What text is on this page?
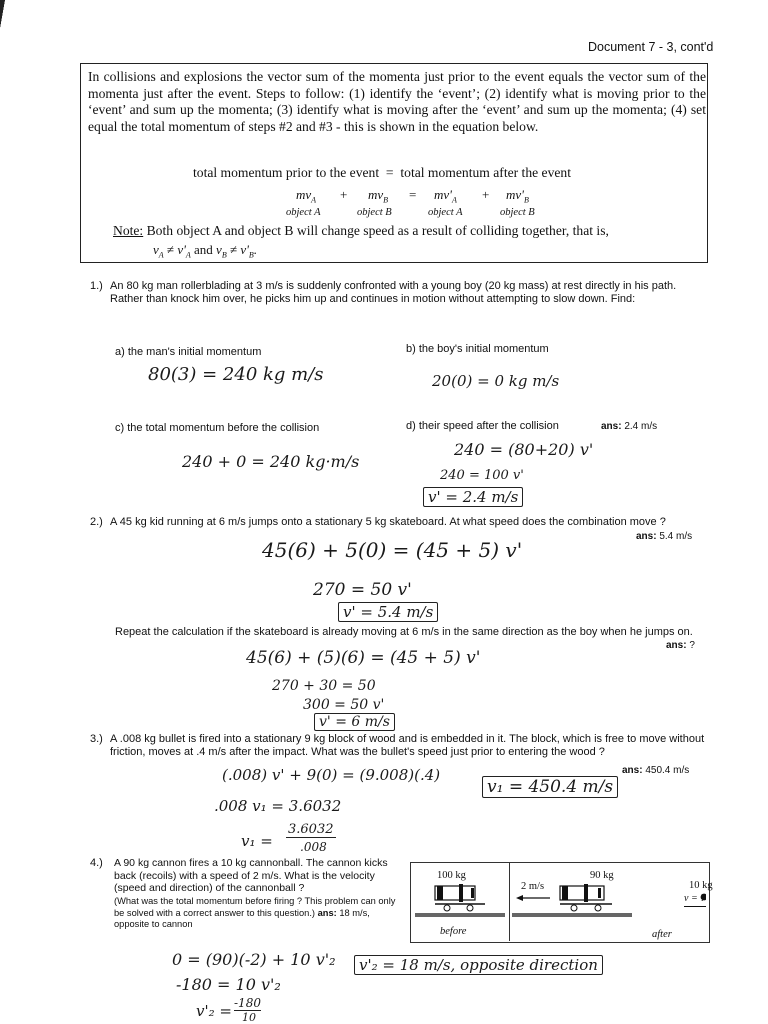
Document 7 - 3, cont'd
In collisions and explosions the vector sum of the momenta just prior to the event equals the vector sum of the momenta just after the event. Steps to follow: (1) identify the ‘event’; (2) identify what is moving prior to the ‘event’ and sum up the momenta; (3) identify what is moving after the ‘event’ and sum up the momenta; (4) set equal the total momentum of steps #2 and #3 - this is shown in the equation below.
total momentum prior to the event  =  total momentum after the event
$mv_A + mv_B = mv'_A + mv'_B$
object A	object B	object A	object B
Note: Both object A and object B will change speed as a result of colliding together, that is,
$v_A \ne v'_A$ and $v_B \ne v'_B$.
1.) An 80 kg man rollerblading at 3 m/s is suddenly confronted with a young boy (20 kg mass) at rest directly in his path. Rather than knock him over, he picks him up and continues in motion without attempting to slow down. Find:
a) the man's initial momentum
80(3) = 240 kg m/s
b) the boy's initial momentum
20(0) = 0 kg m/s
c) the total momentum before the collision
240 + 0 = 240 kg·m/s
d) their speed after the collision	ans: 2.4 m/s
240 = (80+20) v'
240 = 100 v'
v' = 2.4 m/s
2.) A 45 kg kid running at 6 m/s jumps onto a stationary 5 kg skateboard. At what speed does the combination move ?
ans: 5.4 m/s
45(6) + 5(0) = (45 + 5) v'
270 = 50 v'
v' = 5.4 m/s
Repeat the calculation if the skateboard is already moving at 6 m/s in the same direction as the boy when he jumps on.
ans: ?
45(6) + (5)(6) = (45 + 5) v'
270 + 30 = 50
300 = 50 v'
v' = 6 m/s
3.) A .008 kg bullet is fired into a stationary 9 kg block of wood and is embedded in it. The block, which is free to move without friction, moves at .4 m/s after the impact. What was the bullet's speed just prior to entering the wood ?
ans: 450.4 m/s
(.008) v' + 9(0) = (9.008)(.4)
v₁ = 450.4 m/s
.008 v₁ = 3.6032
v₁ =
3.6032
.008
4.) A 90 kg cannon fires a 10 kg cannonball. The cannon kicks back (recoils) with a speed of 2 m/s. What is the velocity (speed and direction) of the cannonball ?
(What was the total momentum before firing ? This problem can only be solved with a correct answer to this question.) ans: 18 m/s, opposite to cannon
100 kg
before
2 m/s
90 kg
10 kg
v = ?
after
0 = (90)(-2) + 10 v'₂
-180 = 10 v'₂
v'₂ = -180
10
v'₂ = 18 m/s, opposite direction
